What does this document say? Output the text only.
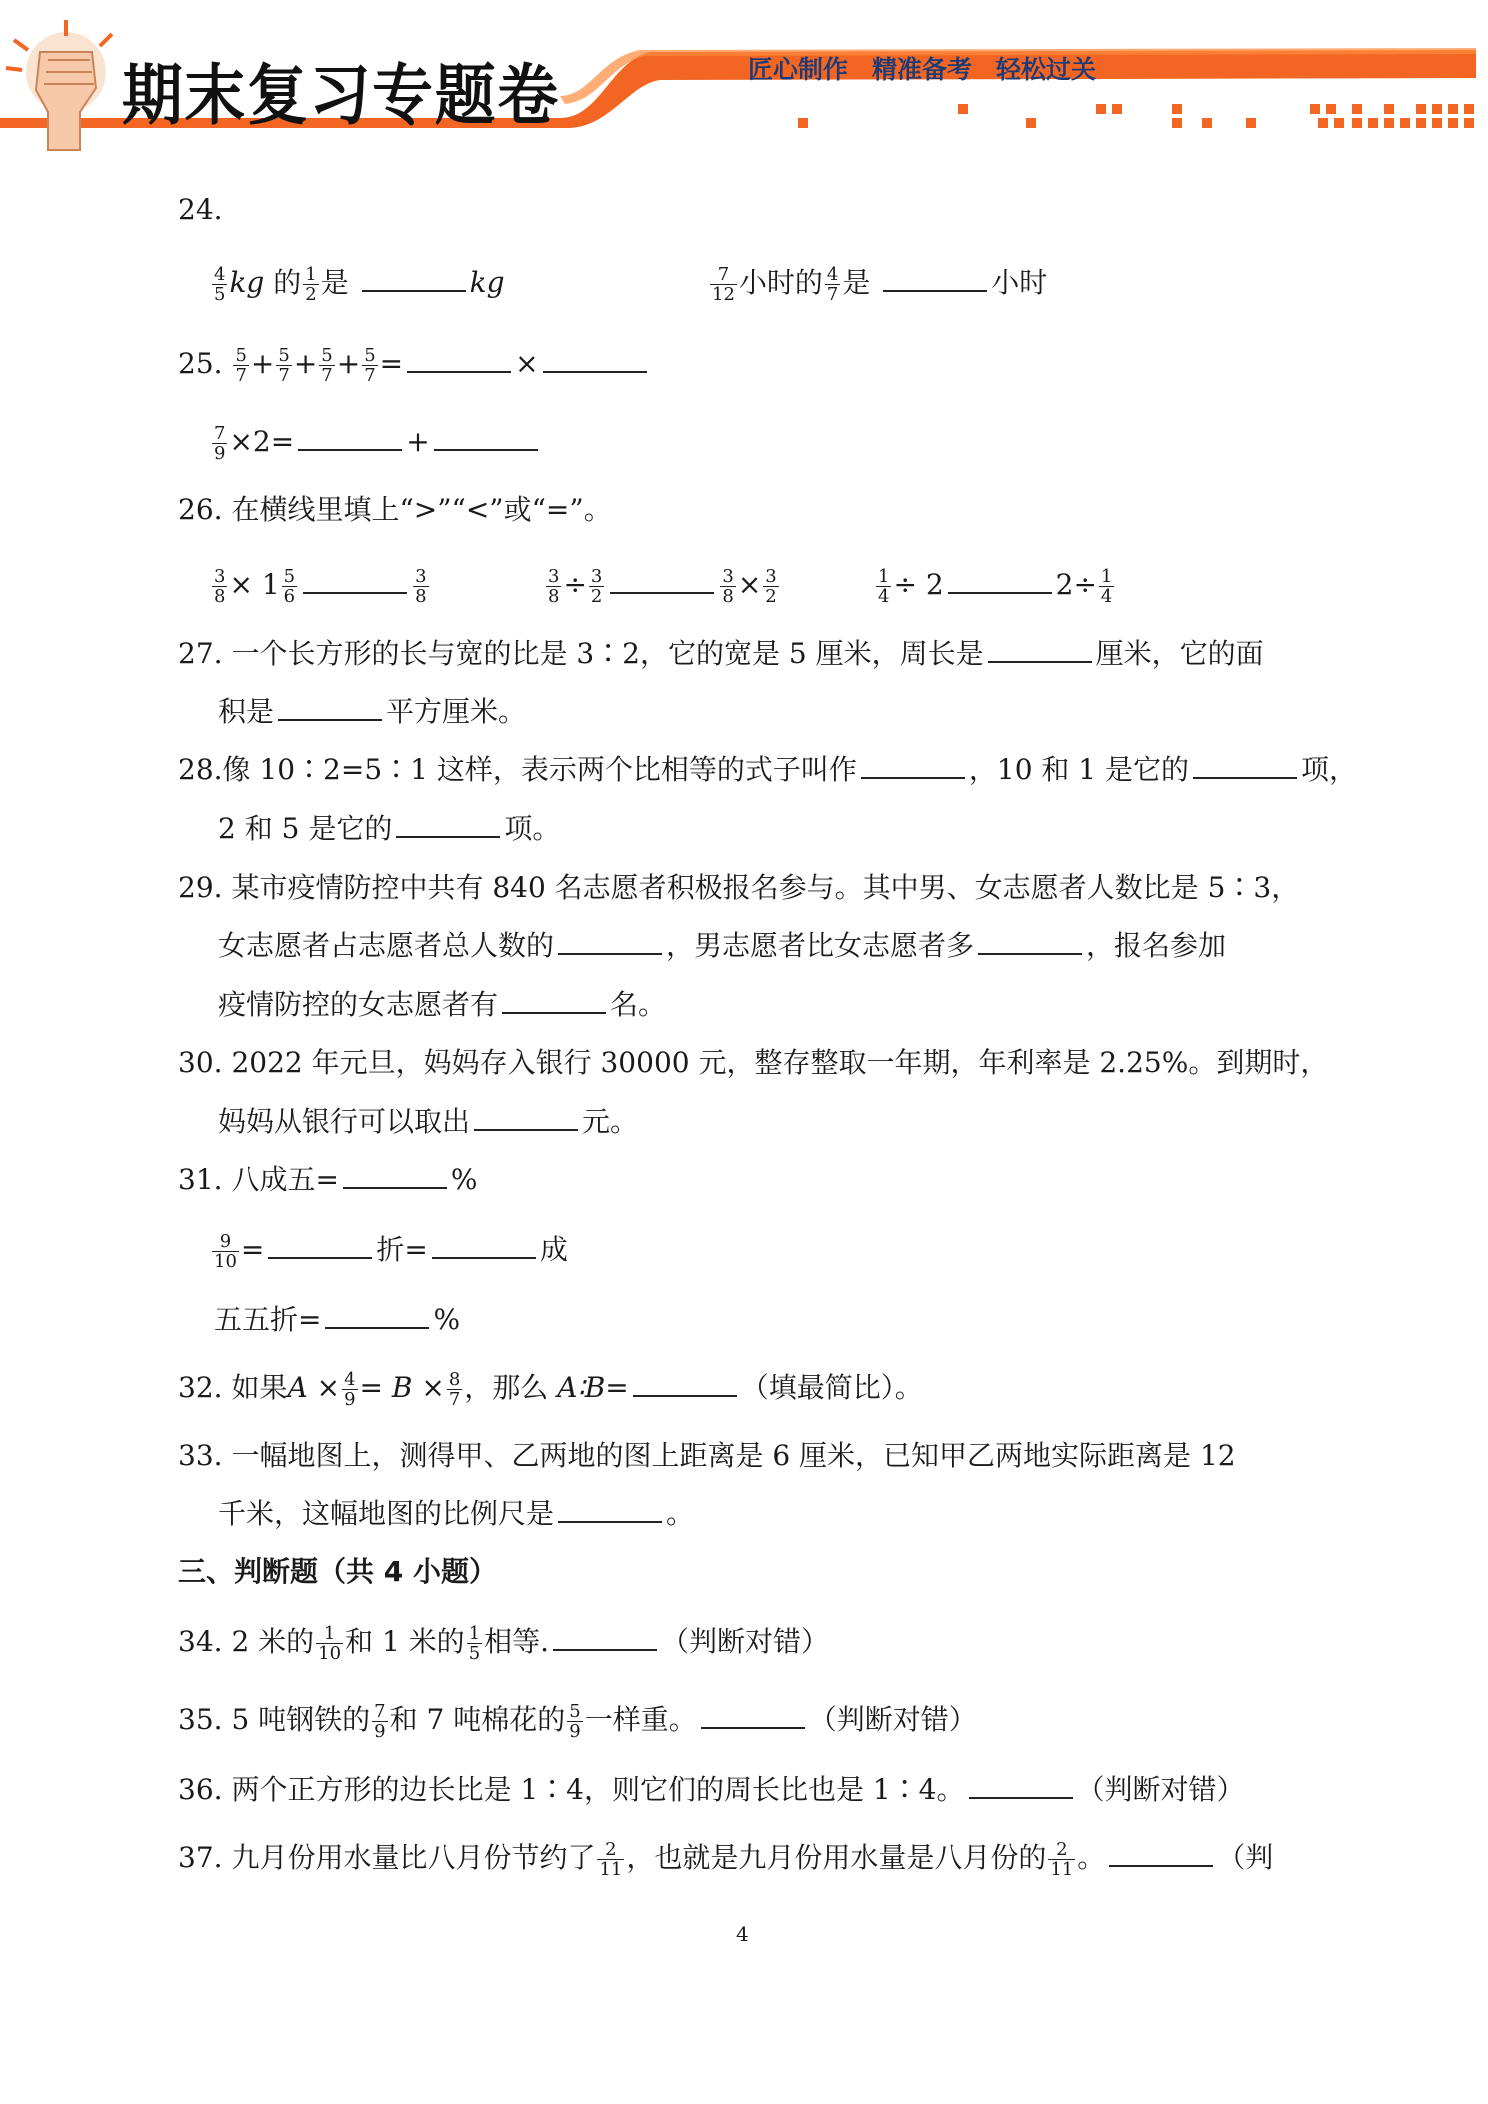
期末复习专题卷	匠心制作 精准备考 轻松过关
24.
$\frac{4}{5}$ kg 的 $\frac{1}{2}$ 是	kg	$\frac{7}{12}$ 小时的 $\frac{4}{7}$ 是	小时
25. $\frac{5}{7} + \frac{5}{7} + \frac{5}{7} + \frac{5}{7}$ =	×
$\frac{7}{9} \times 2=$	+
26. 在横线里填上“>”“<”或“=”。
$\frac{3}{8} \times 1 \frac{5}{6}$	$\frac{3}{8}$	$\frac{3}{8} \div \frac{3}{2}$	$\frac{3}{8} \times \frac{3}{2}$	$\frac{1}{4} \div 2$	$2\div \frac{1}{4}$
27. 一个长方形的长与宽的比是 3∶2，它的宽是 5 厘米，周长是	厘米，它的面
积是	平方厘米。
28.像 10∶2=5∶1 这样，表示两个比相等的式子叫作	，10 和 1 是它的	项，
2 和 5 是它的	项。
29. 某市疫情防控中共有 840 名志愿者积极报名参与。其中男、女志愿者人数比是 5∶3，
女志愿者占志愿者总人数的	，男志愿者比女志愿者多	，报名参加
疫情防控的女志愿者有	名。
30. 2022 年元旦，妈妈存入银行 30000 元，整存整取一年期，年利率是 2.25%。到期时，
妈妈从银行可以取出	元。
31. 八成五=	%
$\frac{9}{10}$ =	折=	成
五五折=	%
32. 如果$A \times \frac{4}{9} = B \times \frac{8}{7}$ ，那么 A∶B=	（填最简比）。
33. 一幅地图上，测得甲、乙两地的图上距离是 6 厘米，已知甲乙两地实际距离是 12
千米，这幅地图的比例尺是	。
三、判断题（共 4 小题）
34. 2 米的 $\frac{1}{10}$ 和 1 米的 $\frac{1}{5}$ 相等.	（判断对错）
35. 5 吨钢铁的 $\frac{7}{9}$ 和 7 吨棉花的 $\frac{5}{9}$ 一样重。	（判断对错）
36. 两个正方形的边长比是 1∶4，则它们的周长比也是 1∶4。	（判断对错）
37. 九月份用水量比八月份节约了 $\frac{2}{11}$ ，也就是九月份用水量是八月份的 $\frac{2}{11}$ 。	（判
4
